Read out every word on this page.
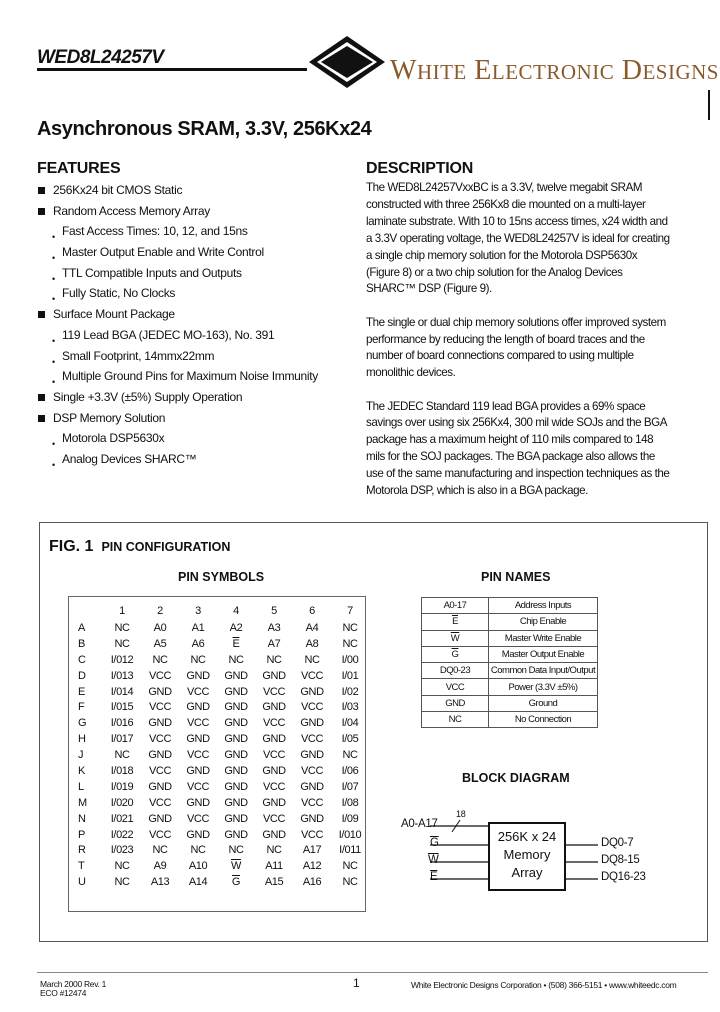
WED8L24257V	WHITE ELECTRONIC DESIGNS
Asynchronous SRAM, 3.3V, 256Kx24
FEATURES
256Kx24 bit CMOS Static
Random Access Memory Array
• Fast Access Times: 10, 12, and 15ns
• Master Output Enable and Write Control
• TTL Compatible Inputs and Outputs
• Fully Static, No Clocks
Surface Mount Package
• 119 Lead BGA (JEDEC MO-163), No. 391
• Small Footprint, 14mmx22mm
• Multiple Ground Pins for Maximum Noise Immunity
Single +3.3V (±5%) Supply Operation
DSP Memory Solution
• Motorola DSP5630x
• Analog Devices SHARC™
DESCRIPTION

The WED8L24257VxxBC is a 3.3V, twelve megabit SRAM constructed with three 256Kx8 die mounted on a multi-layer laminate substrate. With 10 to 15ns access times, x24 width and a 3.3V operating voltage, the WED8L24257V is ideal for creating a single chip memory solution for the Motorola DSP5630x (Figure 8) or a two chip solution for the Analog Devices SHARC™ DSP (Figure 9).

The single or dual chip memory solutions offer improved system performance by reducing the length of board traces and the number of board connections compared to using multiple monolithic devices.

The JEDEC Standard 119 lead BGA provides a 69% space savings over using six 256Kx4, 300 mil wide SOJs and the BGA package has a maximum height of 110 mils compared to 148 mils for the SOJ packages. The BGA package also allows the use of the same manufacturing and inspection techniques as the Motorola DSP, which is also in a BGA package.

FIG. 1 PIN CONFIGURATION
PIN SYMBOLS	PIN NAMES
	1	2	3	4	5	6	7
A	NC	A0	A1	A2	A3	A4	NC
B	NC	A5	A6	$\overline{E}$	A7	A8	NC
C	I/012	NC	NC	NC	NC	NC	I/00
D	I/013	VCC	GND	GND	GND	VCC	I/01
E	I/014	GND	VCC	GND	VCC	GND	I/02
F	I/015	VCC	GND	GND	GND	VCC	I/03
G	I/016	GND	VCC	GND	VCC	GND	I/04
H	I/017	VCC	GND	GND	GND	VCC	I/05
J	NC	GND	VCC	GND	VCC	GND	NC
K	I/018	VCC	GND	GND	GND	VCC	I/06
L	I/019	GND	VCC	GND	VCC	GND	I/07
M	I/020	VCC	GND	GND	GND	VCC	I/08
N	I/021	GND	VCC	GND	VCC	GND	I/09
P	I/022	VCC	GND	GND	GND	VCC	I/010
R	I/023	NC	NC	NC	NC	A17	I/011
T	NC	A9	A10	$\overline{W}$	A11	A12	NC
U	NC	A13	A14	$\overline{G}$	A15	A16	NC
A0-17	Address Inputs
$\overline{E}$	Chip Enable
$\overline{W}$	Master Write Enable
$\overline{G}$	Master Output Enable
DQ0-23	Common Data Input/Output
VCC	Power (3.3V ±5%)
GND	Ground
NC	No Connection
BLOCK DIAGRAM
A0-A17
18
$\overline{G}$
$\overline{W}$
$\overline{E}$
256K x 24
Memory
Array
DQ0-7
DQ8-15
DQ16-23
March 2000 Rev. 1
ECO #12474
1	White Electronic Designs Corporation • (508) 366-5151 • www.whiteedc.com
